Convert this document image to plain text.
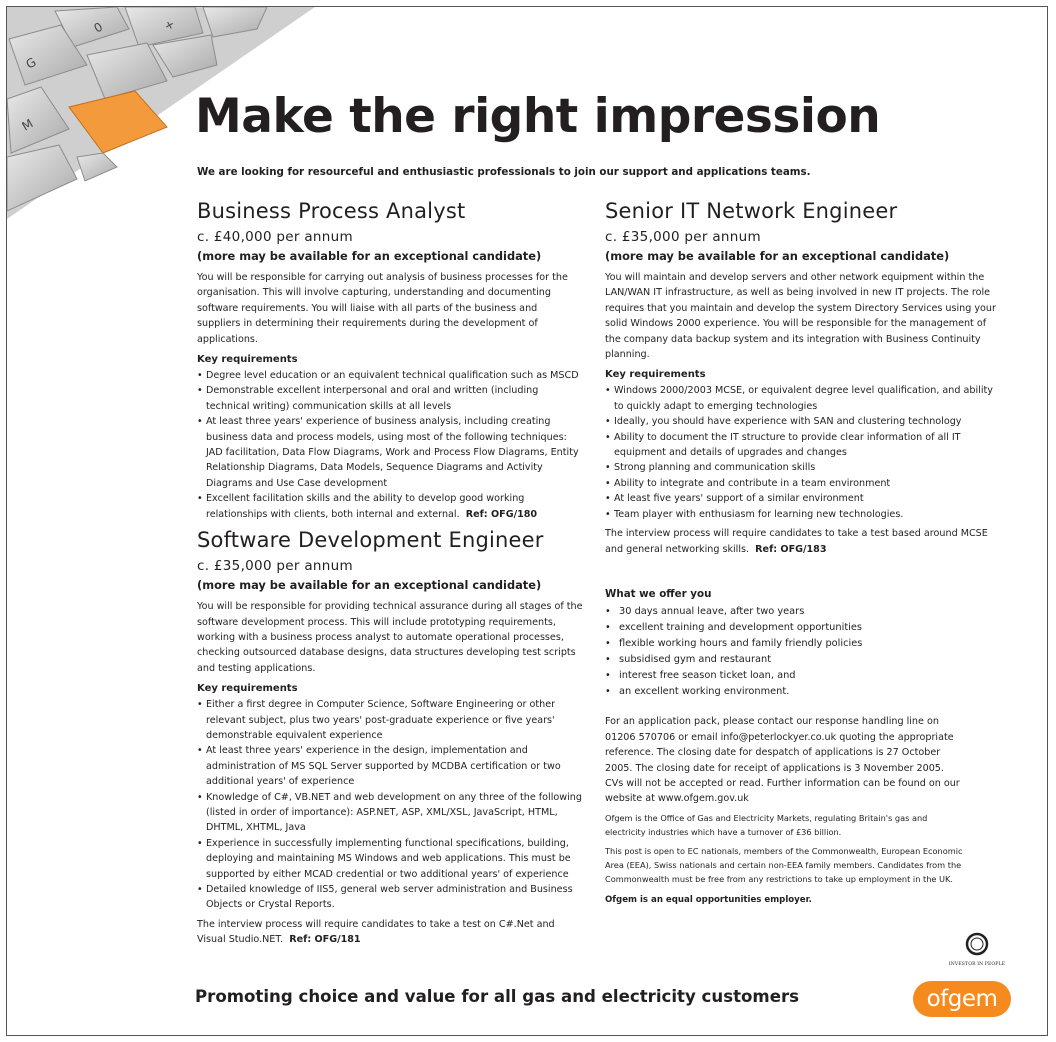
0	+
G
M	Make the right impression

We are looking for resourceful and enthusiastic professionals to join our support and applications teams.

Business Process Analyst

c. £40,000 per annum

(more may be available for an exceptional candidate)

You will be responsible for carrying out analysis of business processes for the organisation. This will involve capturing, understanding and documenting software requirements. You will liaise with all parts of the business and suppliers in determining their requirements during the development of applications.

Key requirements

• Degree level education or an equivalent technical qualification such as MSCD
• Demonstrable excellent interpersonal and oral and written (including technical writing) communication skills at all levels
• At least three years' experience of business analysis, including creating business data and process models, using most of the following techniques: JAD facilitation, Data Flow Diagrams, Work and Process Flow Diagrams, Entity Relationship Diagrams, Data Models, Sequence Diagrams and Activity Diagrams and Use Case development
• Excellent facilitation skills and the ability to develop good working relationships with clients, both internal and external. Ref: OFG/180
Software Development Engineer

c. £35,000 per annum

(more may be available for an exceptional candidate)

You will be responsible for providing technical assurance during all stages of the software development process. This will include prototyping requirements, working with a business process analyst to automate operational processes, checking outsourced database designs, data structures developing test scripts and testing applications.

Key requirements

• Either a first degree in Computer Science, Software Engineering or other relevant subject, plus two years' post-graduate experience or five years' demonstrable equivalent experience
• At least three years' experience in the design, implementation and administration of MS SQL Server supported by MCDBA certification or two additional years' of experience
• Knowledge of C#, VB.NET and web development on any three of the following (listed in order of importance): ASP.NET, ASP, XML/XSL, JavaScript, HTML, DHTML, XHTML, Java
• Experience in successfully implementing functional specifications, building, deploying and maintaining MS Windows and web applications. This must be supported by either MCAD credential or two additional years' of experience
• Detailed knowledge of IIS5, general web server administration and Business Objects or Crystal Reports.

The interview process will require candidates to take a test on C#.Net and Visual Studio.NET. Ref: OFG/181

Senior IT Network Engineer

c. £35,000 per annum

(more may be available for an exceptional candidate)

You will maintain and develop servers and other network equipment within the LAN/WAN IT infrastructure, as well as being involved in new IT projects. The role requires that you maintain and develop the system Directory Services using your solid Windows 2000 experience. You will be responsible for the management of the company data backup system and its integration with Business Continuity planning.

Key requirements

• Windows 2000/2003 MCSE, or equivalent degree level qualification, and ability to quickly adapt to emerging technologies
• Ideally, you should have experience with SAN and clustering technology
• Ability to document the IT structure to provide clear information of all IT equipment and details of upgrades and changes
• Strong planning and communication skills
• Ability to integrate and contribute in a team environment
• At least five years' support of a similar environment
• Team player with enthusiasm for learning new technologies.

The interview process will require candidates to take a test based around MCSE and general networking skills. Ref: OFG/183

What we offer you

• 30 days annual leave, after two years
• excellent training and development opportunities
• flexible working hours and family friendly policies
• subsidised gym and restaurant
• interest free season ticket loan, and
• an excellent working environment.

For an application pack, please contact our response handling line on 01206 570706 or email info@peterlockyer.co.uk quoting the appropriate reference. The closing date for despatch of applications is 27 October 2005. The closing date for receipt of applications is 3 November 2005. CVs will not be accepted or read. Further information can be found on our website at www.ofgem.gov.uk

Ofgem is the Office of Gas and Electricity Markets, regulating Britain's gas and electricity industries which have a turnover of £36 billion.

This post is open to EC nationals, members of the Commonwealth, European Economic Area (EEA), Swiss nationals and certain non-EEA family members. Candidates from the Commonwealth must be free from any restrictions to take up employment in the UK.

Ofgem is an equal opportunities employer.

INVESTOR IN PEOPLE

Promoting choice and value for all gas and electricity customers	ofgem
